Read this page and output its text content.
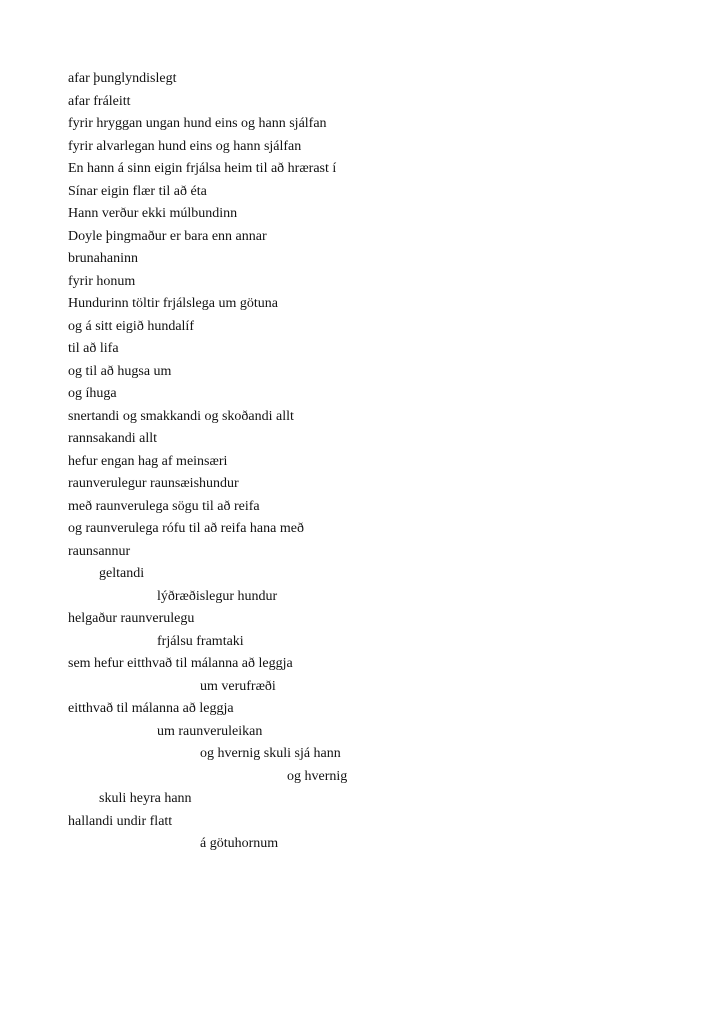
afar þunglyndislegt
afar fráleitt
fyrir hryggan ungan hund eins og hann sjálfan
fyrir alvarlegan hund eins og hann sjálfan
En hann á sinn eigin frjálsa heim til að hrærast í
Sínar eigin flær til að éta
Hann verður ekki múlbundinn
Doyle þingmaður er bara enn annar
brunahaninn
fyrir honum
Hundurinn töltir frjálslega um götuna
og á sitt eigið hundalíf
til að lifa
og til að hugsa um
og íhuga
snertandi og smakkandi og skoðandi allt
rannsakandi allt
hefur engan hag af meinsæri
raunverulegur raunsæishundur
með raunverulega sögu til að reifa
og raunverulega rófu til að reifa hana með
raunsannur
geltandi
lýðræðislegur hundur
helgaður raunverulegu
frjálsu framtaki
sem hefur eitthvað til málanna að leggja
um verufræði
eitthvað til málanna að leggja
um raunveruleikan
og hvernig skuli sjá hann
og hvernig
skuli heyra hann
hallandi undir flatt
á götuhornum
